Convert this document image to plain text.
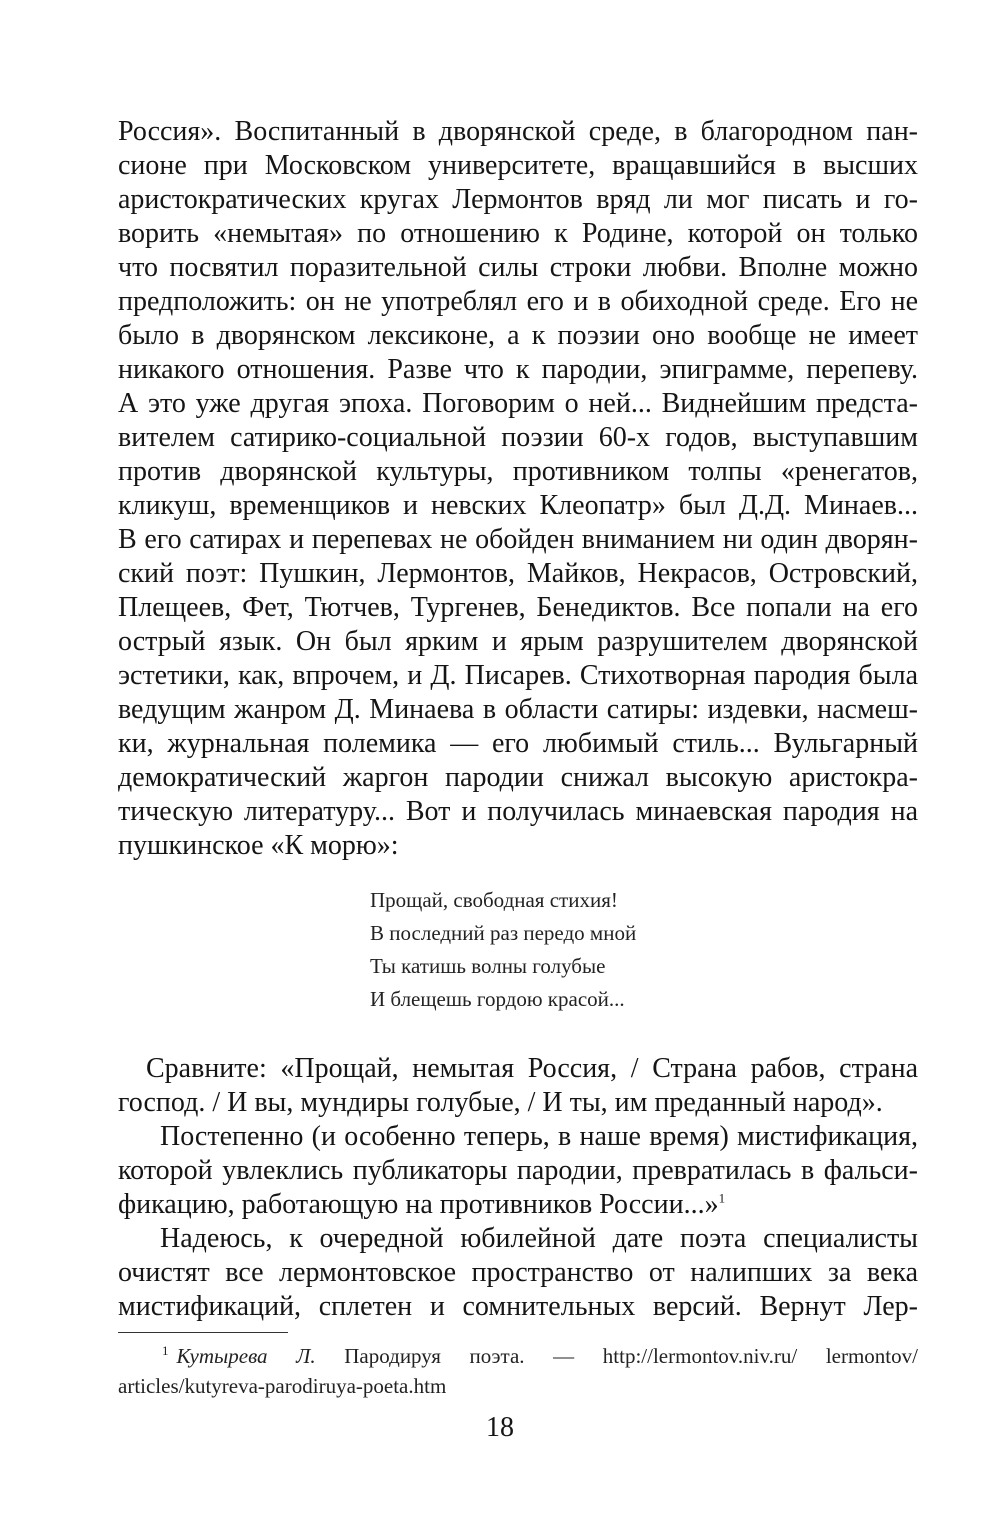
Россия». Воспитанный в дворянской среде, в благородном пан-
сионе при Московском университете, вращавшийся в высших
аристократических кругах Лермонтов вряд ли мог писать и го-
ворить «немытая» по отношению к Родине, которой он только
что посвятил поразительной силы строки любви. Вполне можно
предположить: он не употреблял его и в обиходной среде. Его не
было в дворянском лексиконе, а к поэзии оно вообще не имеет
никакого отношения. Разве что к пародии, эпиграмме, перепеву.
А это уже другая эпоха. Поговорим о ней... Виднейшим предста-
вителем сатирико-социальной поэзии 60-х годов, выступавшим
против дворянской культуры, противником толпы «ренегатов,
кликуш, временщиков и невских Клеопатр» был Д.Д. Минаев...
В его сатирах и перепевах не обойден вниманием ни один дворян-
ский поэт: Пушкин, Лермонтов, Майков, Некрасов, Островский,
Плещеев, Фет, Тютчев, Тургенев, Бенедиктов. Все попали на его
острый язык. Он был ярким и ярым разрушителем дворянской
эстетики, как, впрочем, и Д. Писарев. Стихотворная пародия была
ведущим жанром Д. Минаева в области сатиры: издевки, насмеш-
ки, журнальная полемика — его любимый стиль... Вульгарный
демократический жаргон пародии снижал высокую аристокра-
тическую литературу... Вот и получилась минаевская пародия на
пушкинское «К морю»:
Прощай, свободная стихия!
В последний раз передо мной
Ты катишь волны голубые
И блещешь гордою красой...
Сравните: «Прощай, немытая Россия, / Страна рабов, страна
господ. / И вы, мундиры голубые, / И ты, им преданный народ».
Постепенно (и особенно теперь, в наше время) мистификация,
которой увлеклись публикаторы пародии, превратилась в фальси-
фикацию, работающую на противников России...»$^1$
Надеюсь, к очередной юбилейной дате поэта специалисты
очистят все лермонтовское пространство от налипших за века
мистификаций, сплетен и сомнительных версий. Вернут Лер-
$^1$ Кутырева Л. Пародируя поэта. — http://lermontov.niv.ru/ lermontov/
articles/kutyreva-parodiruya-poeta.htm
18
